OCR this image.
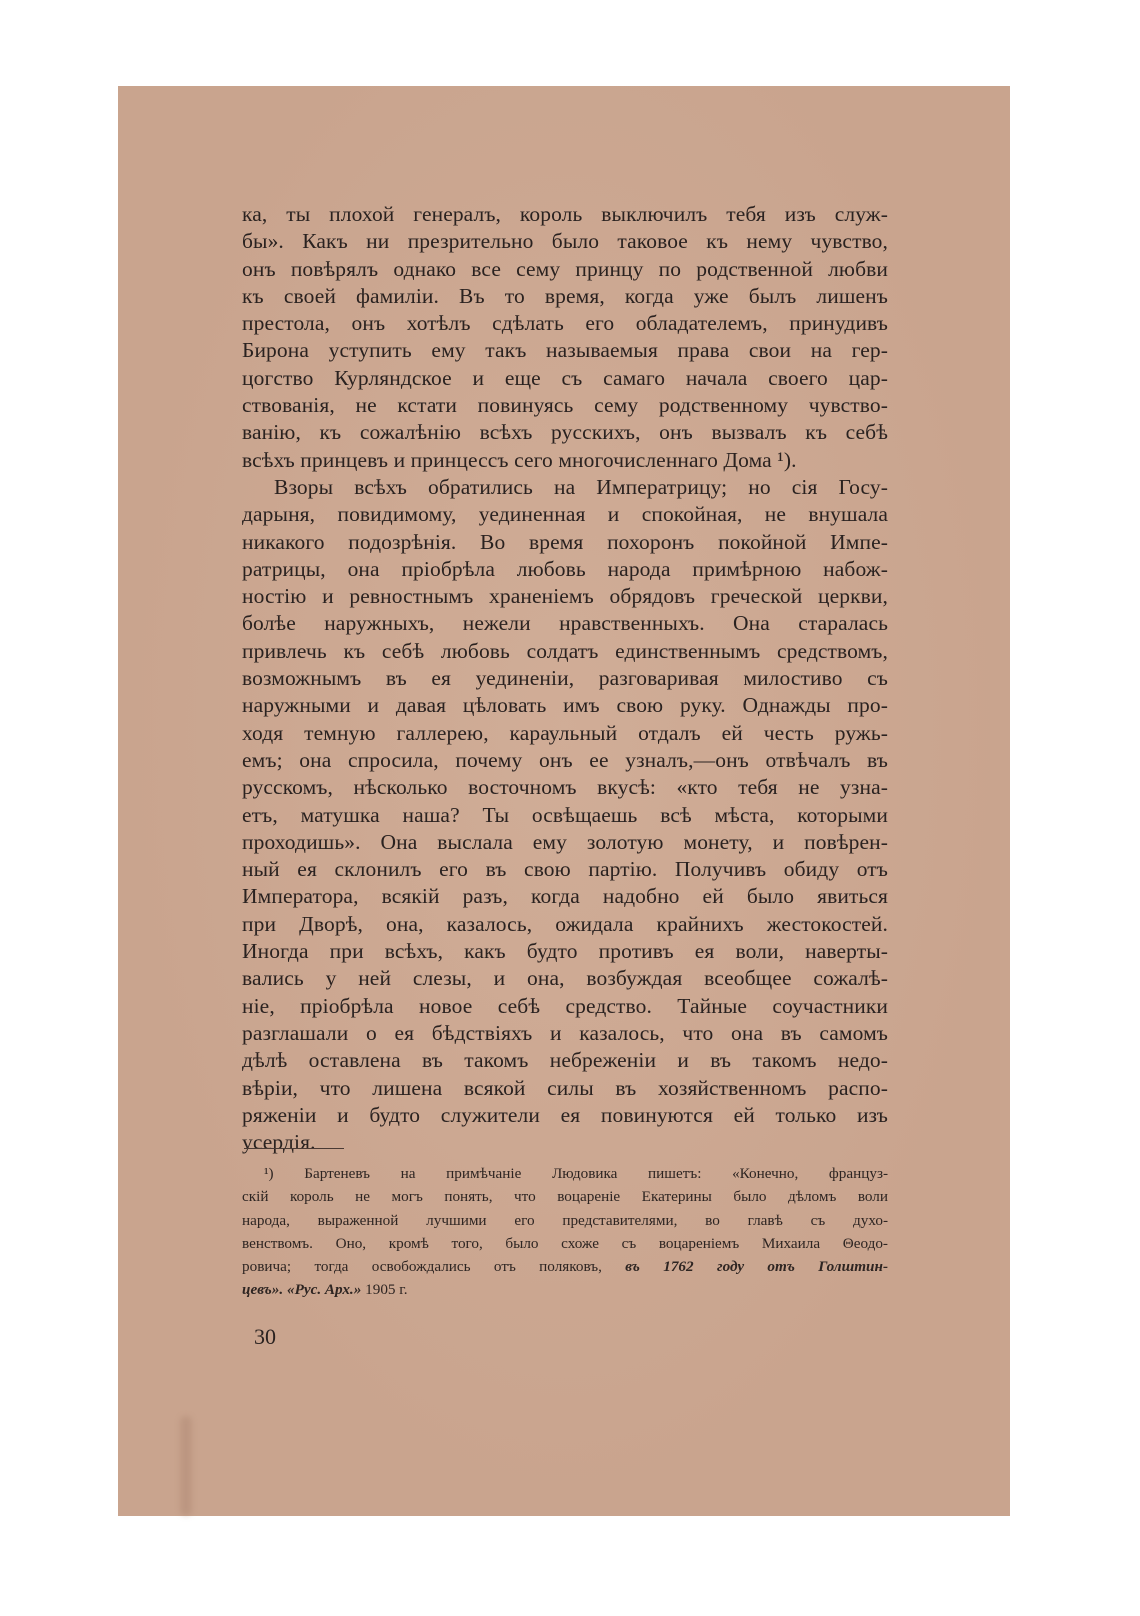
ка, ты плохой генералъ, король выключилъ тебя изъ служ-
бы». Какъ ни презрительно было таковое къ нему чувство,
онъ повѣрялъ однако все сему принцу по родственной любви
къ своей фамиліи. Въ то время, когда уже былъ лишенъ
престола, онъ хотѣлъ сдѣлать его обладателемъ, принудивъ
Бирона уступить ему такъ называемыя права свои на гер-
цогство Курляндское и еще съ самаго начала своего цар-
ствованія, не кстати повинуясь сему родственному чувство-
ванію, къ сожалѣнію всѣхъ русскихъ, онъ вызвалъ къ себѣ
всѣхъ принцевъ и принцессъ сего многочисленнаго Дома ¹).
Взоры всѣхъ обратились на Императрицу; но сія Госу-
дарыня, повидимому, уединенная и спокойная, не внушала
никакого подозрѣнія. Во время похоронъ покойной Импе-
ратрицы, она пріобрѣла любовь народа примѣрною набож-
ностію и ревностнымъ храненіемъ обрядовъ греческой церкви,
болѣе наружныхъ, нежели нравственныхъ. Она старалась
привлечь къ себѣ любовь солдатъ единственнымъ средствомъ,
возможнымъ въ ея уединеніи, разговаривая милостиво съ
наружными и давая цѣловать имъ свою руку. Однажды про-
ходя темную галлерею, караульный отдалъ ей честь ружь-
емъ; она спросила, почему онъ ее узналъ,—онъ отвѣчалъ въ
русскомъ, нѣсколько восточномъ вкусѣ: «кто тебя не узна-
етъ, матушка наша? Ты освѣщаешь всѣ мѣста, которыми
проходишь». Она выслала ему золотую монету, и повѣрен-
ный ея склонилъ его въ свою партію. Получивъ обиду отъ
Императора, всякій разъ, когда надобно ей было явиться
при Дворѣ, она, казалось, ожидала крайнихъ жестокостей.
Иногда при всѣхъ, какъ будто противъ ея воли, наверты-
вались у ней слезы, и она, возбуждая всеобщее сожалѣ-
ніе, пріобрѣла новое себѣ средство. Тайные соучастники
разглашали о ея бѣдствіяхъ и казалось, что она въ самомъ
дѣлѣ оставлена въ такомъ небреженіи и въ такомъ недо-
вѣріи, что лишена всякой силы въ хозяйственномъ распо-
ряженіи и будто служители ея повинуются ей только изъ
усердія.
¹) Бартеневъ на примѣчаніе Людовика пишетъ: «Конечно, француз-
скій король не могъ понять, что воцареніе Екатерины было дѣломъ воли
народа, выраженной лучшими его представителями, во главѣ съ духо-
венствомъ. Оно, кромѣ того, было схоже съ воцареніемъ Михаила Θеодо-
ровича; тогда освобождались отъ поляковъ, въ 1762 году отъ Голштин-
цевъ». «Рус. Арх.» 1905 г.
30
